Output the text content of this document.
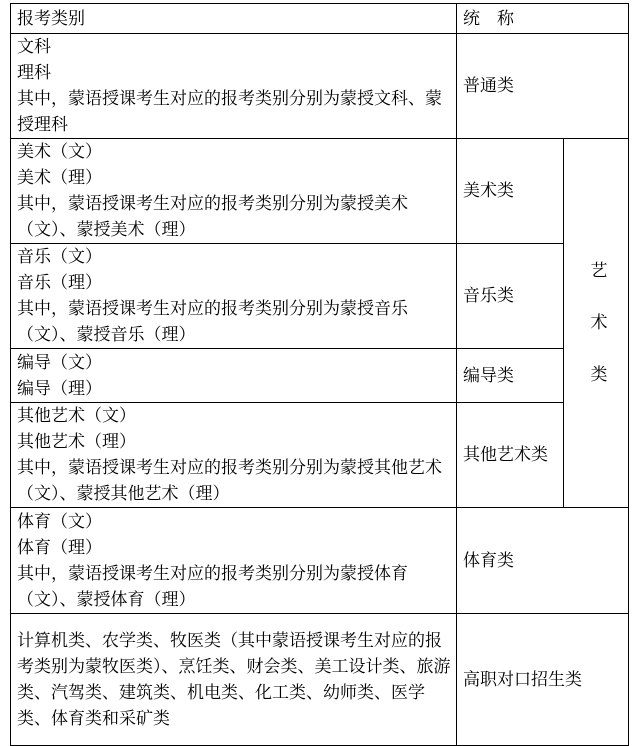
报考类别	统　称	

文科
理科
其中，蒙语授课考生对应的报考类别分别为蒙授文科、蒙授理科	普通类	

美术（文）
美术（理）
其中，蒙语授课考生对应的报考类别分别为蒙授美术（文）、蒙授美术（理）	美术类	艺
术
类

音乐（文）
音乐（理）
其中，蒙语授课考生对应的报考类别分别为蒙授音乐（文）、蒙授音乐（理）	音乐类	

编导（文）
编导（理）	编导类	

其他艺术（文）
其他艺术（理）
其中，蒙语授课考生对应的报考类别分别为蒙授其他艺术（文）、蒙授其他艺术（理）	其他艺术类	

体育（文）
体育（理）
其中，蒙语授课考生对应的报考类别分别为蒙授体育（文）、蒙授体育（理）	体育类	

计算机类、农学类、牧医类（其中蒙语授课考生对应的报考类别为蒙牧医类）、烹饪类、财会类、美工设计类、旅游类、汽驾类、建筑类、机电类、化工类、幼师类、医学类、体育类和采矿类	高职对口招生类	
